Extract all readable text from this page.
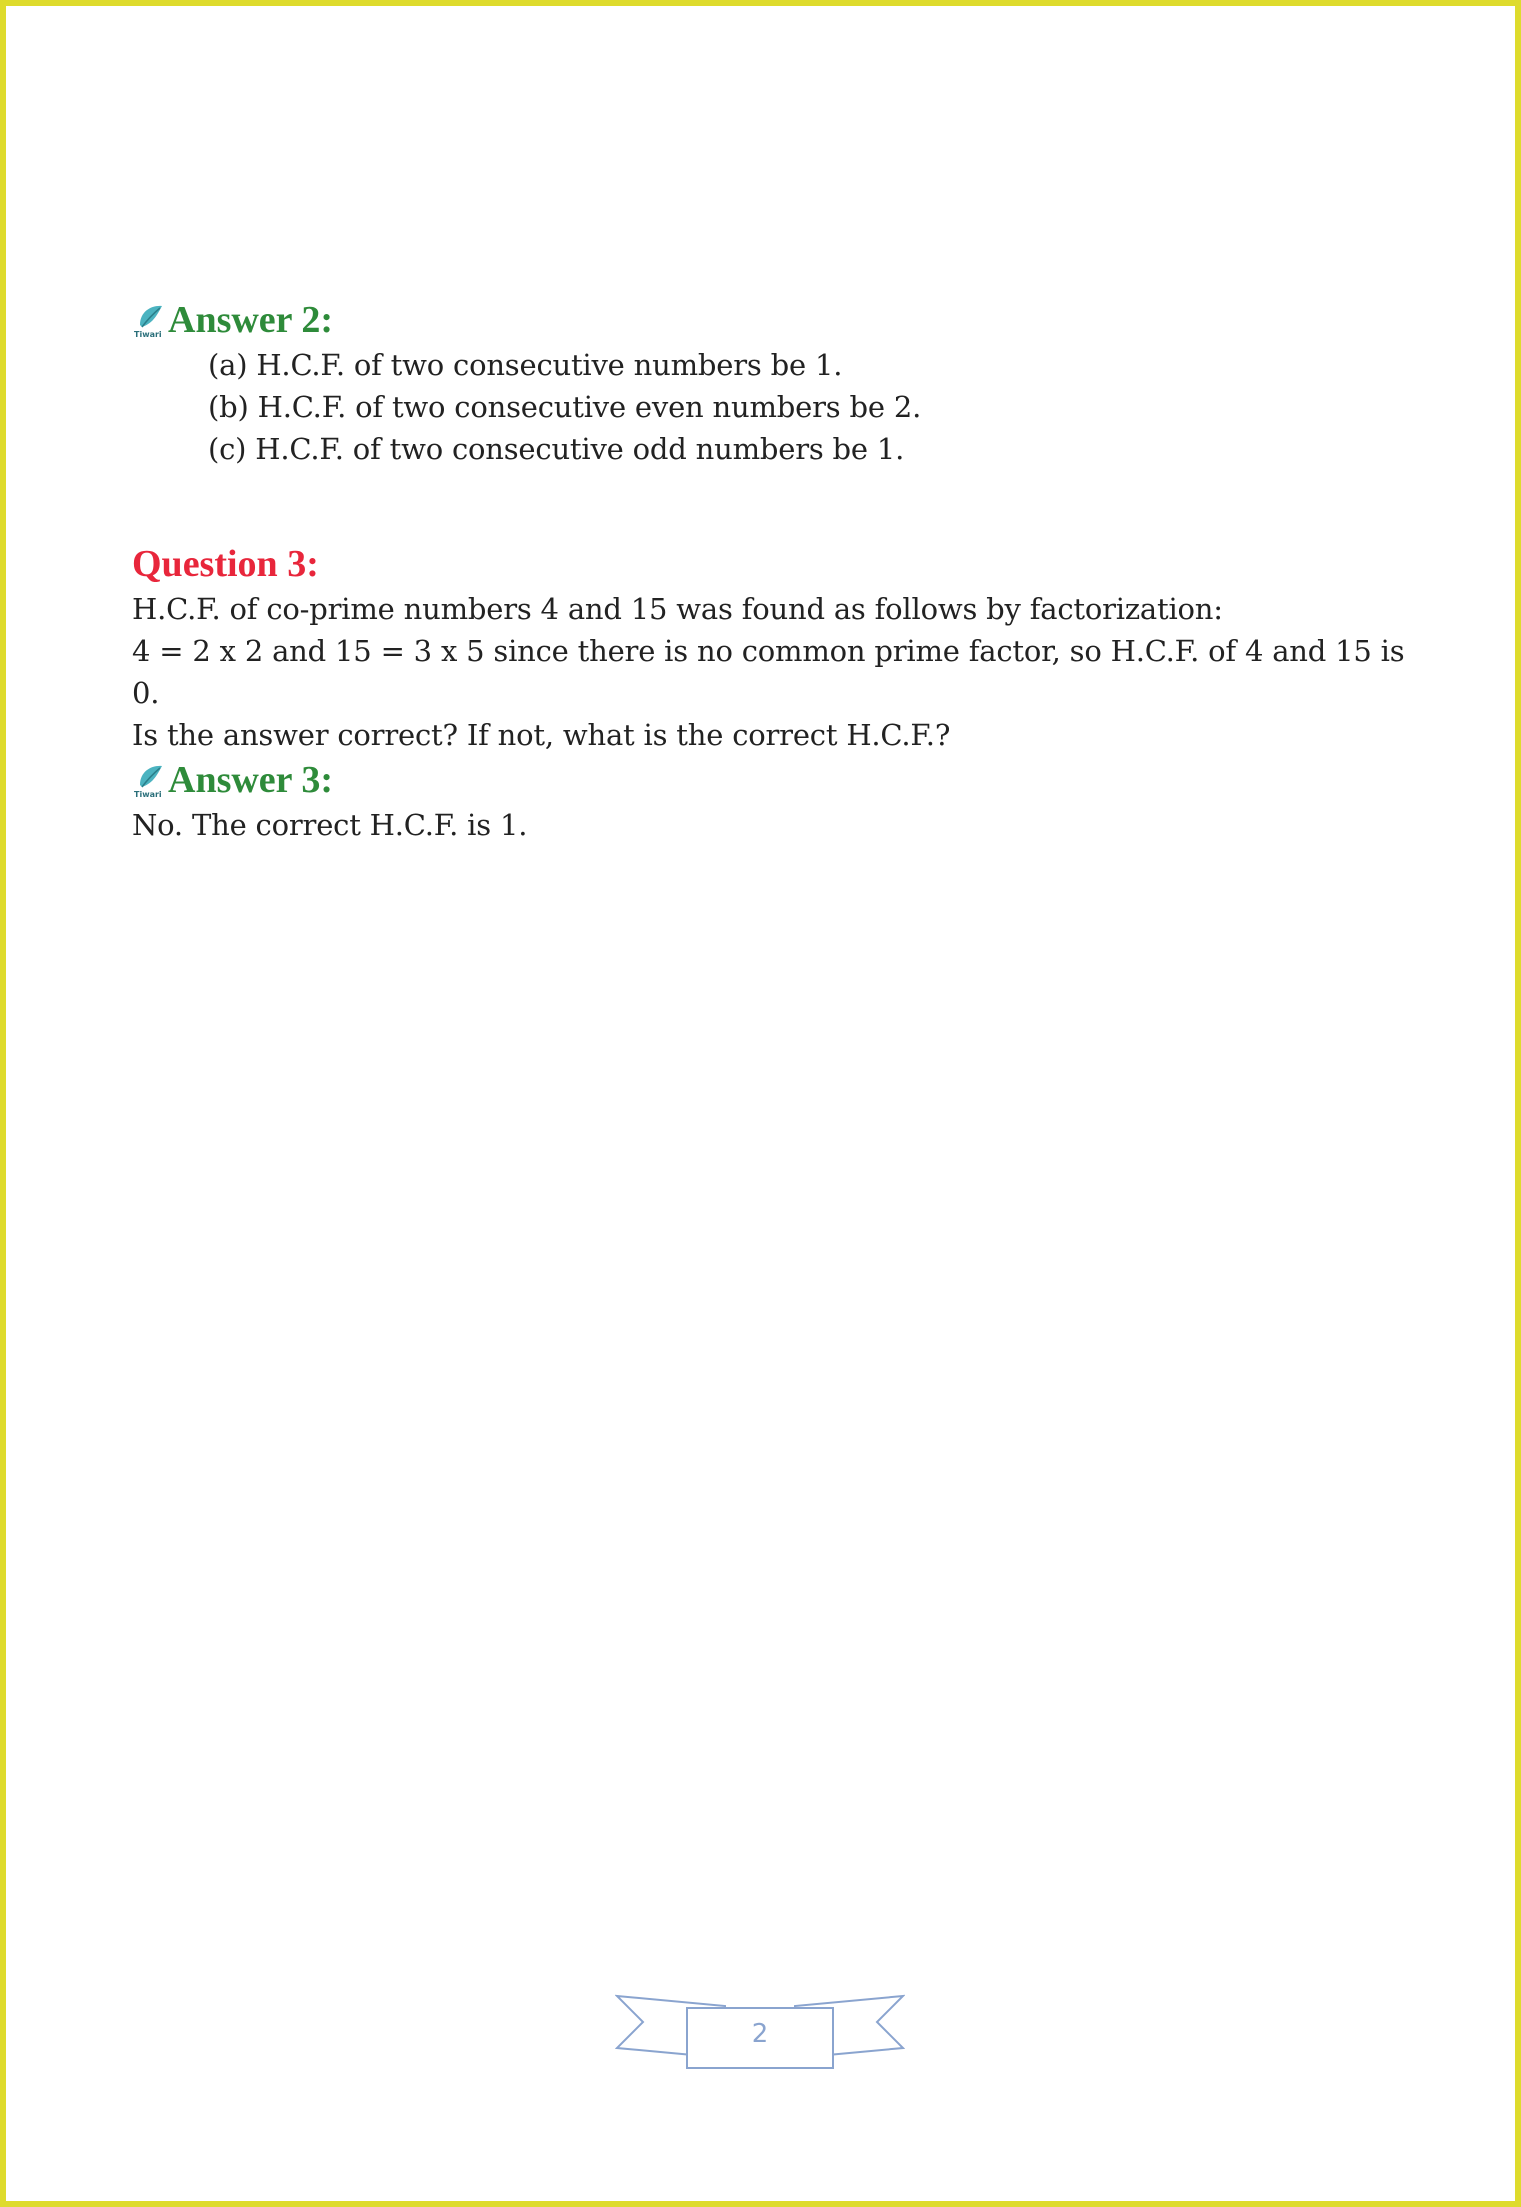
Tiwari Answer 2:
(a) H.C.F. of two consecutive numbers be 1.
(b) H.C.F. of two consecutive even numbers be 2.
(c) H.C.F. of two consecutive odd numbers be 1.
Question 3:
H.C.F. of co-prime numbers 4 and 15 was found as follows by factorization:
4 = 2 x 2 and 15 = 3 x 5 since there is no common prime factor, so H.C.F. of 4 and 15 is 0.
Is the answer correct? If not, what is the correct H.C.F.?
Tiwari Answer 3:
No. The correct H.C.F. is 1.
2
